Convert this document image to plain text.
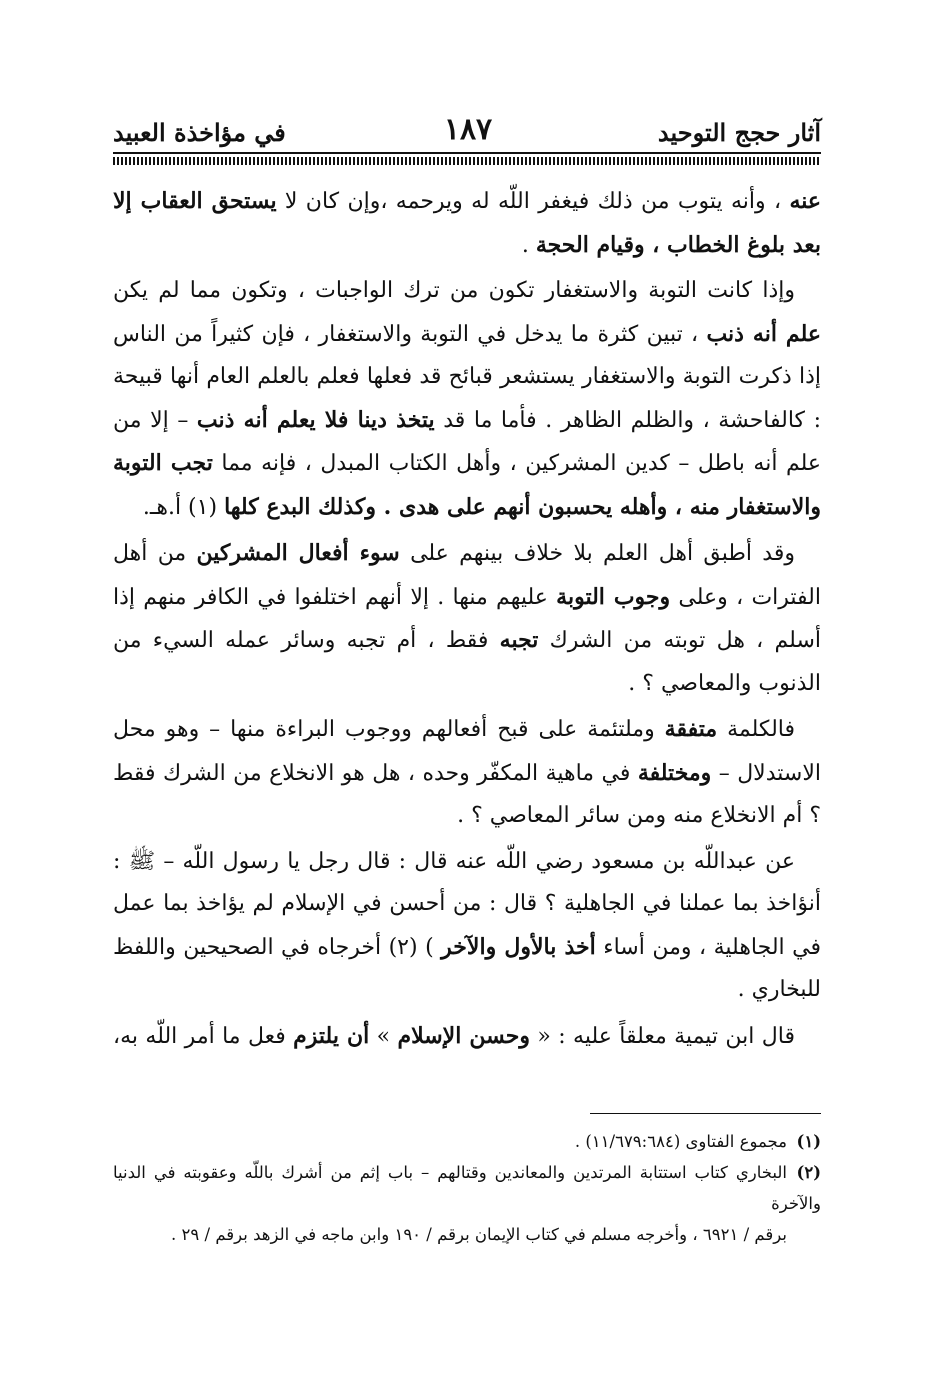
آثار حجج التوحيد
١٨٧
في مؤاخذة العبيد

عنه ، وأنه يتوب من ذلك فيغفر اللّه له ويرحمه ،وإن كان لا يستحق العقاب إلا بعد بلوغ الخطاب ، وقيام الحجة .

وإذا كانت التوبة والاستغفار تكون من ترك الواجبات ، وتكون مما لم يكن علم أنه ذنب ، تبين كثرة ما يدخل في التوبة والاستغفار ، فإن كثيراً من الناس إذا ذكرت التوبة والاستغفار يستشعر قبائح قد فعلها فعلم بالعلم العام أنها قبيحة : كالفاحشة ، والظلم الظاهر . فأما ما قد يتخذ دينا فلا يعلم أنه ذنب – إلا من علم أنه باطل – كدين المشركين ، وأهل الكتاب المبدل ، فإنه مما تجب التوبة والاستغفار منه ، وأهله يحسبون أنهم على هدى . وكذلك البدع كلها (١) أ.هـ.

وقد أطبق أهل العلم بلا خلاف بينهم على سوء أفعال المشركين من أهل الفترات ، وعلى وجوب التوبة عليهم منها . إلا أنهم اختلفوا في الكافر منهم إذا أسلم ، هل توبته من الشرك تجبه فقط ، أم تجبه وسائر عمله السيء من الذنوب والمعاصي ؟ .

فالكلمة متفقة وملتئمة على قبح أفعالهم ووجوب البراءة منها – وهو محل الاستدلال – ومختلفة في ماهية المكفّر وحده ، هل هو الانخلاع من الشرك فقط ؟ أم الانخلاع منه ومن سائر المعاصي ؟ .

عن عبداللّه بن مسعود رضي اللّه عنه قال : قال رجل يا رسول اللّه – ﷺ : أنؤاخذ بما عملنا في الجاهلية ؟ قال : من أحسن في الإسلام لم يؤاخذ بما عمل في الجاهلية ، ومن أساء أخذ بالأول والآخر ) (٢) أخرجاه في الصحيحين واللفظ للبخاري .

قال ابن تيمية معلقاً عليه : « وحسن الإسلام » أن يلتزم فعل ما أمر اللّه به،

(١)مجموع الفتاوى (١١/٦٧٩:٦٨٤) .

(٢)البخاري كتاب استتابة المرتدين والمعاندين وقتالهم – باب إثم من أشرك باللّه وعقوبته في الدنيا والآخرة

برقم / ٦٩٢١ ، وأخرجه مسلم في كتاب الإيمان برقم / ١٩٠ وابن ماجه في الزهد برقم / ٢٩ .
